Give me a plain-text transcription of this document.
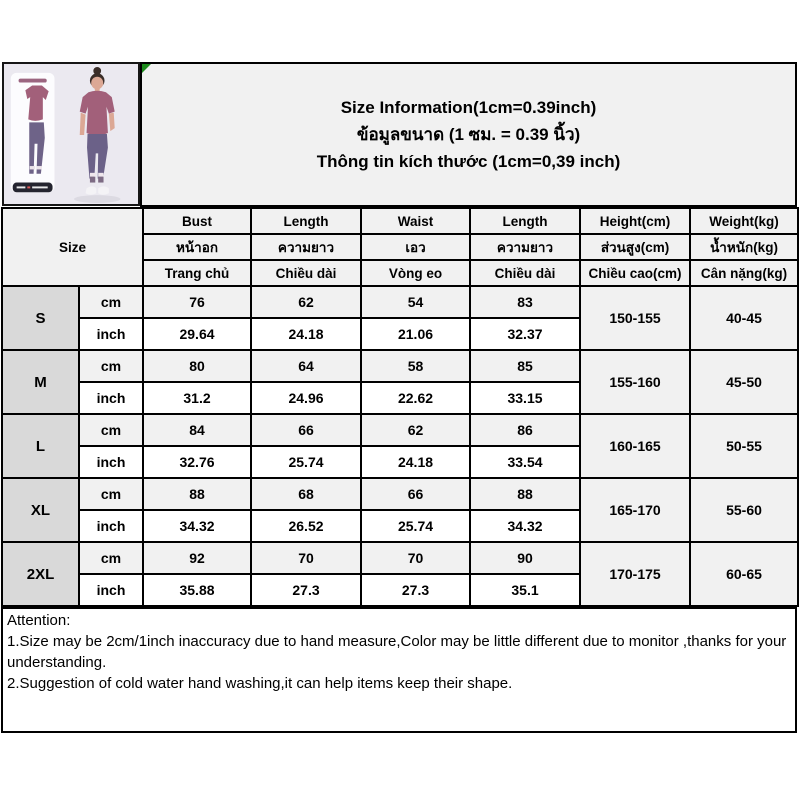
Size Information(1cm=0.39inch)
ข้อมูลขนาด (1 ซม. = 0.39 นิ้ว)
Thông tin kích thước (1cm=0,39 inch)
Size		Bust	Length	Waist	Length	Height(cm)	Weight(kg)
		หน้าอก	ความยาว	เอว	ความยาว	ส่วนสูง(cm)	น้ำหนัก(kg)
		Trang chủ	Chiều dài	Vòng eo	Chiều dài	Chiều cao(cm)	Cân nặng(kg)
S	cm	76	62	54	83	150-155	40-45
	inch	29.64	24.18	21.06	32.37		
M	cm	80	64	58	85	155-160	45-50
	inch	31.2	24.96	22.62	33.15		
L	cm	84	66	62	86	160-165	50-55
	inch	32.76	25.74	24.18	33.54		
XL	cm	88	68	66	88	165-170	55-60
	inch	34.32	26.52	25.74	34.32		
2XL	cm	92	70	70	90	170-175	60-65
	inch	35.88	27.3	27.3	35.1		
Attention:
1.Size may be 2cm/1inch inaccuracy due to hand measure,Color may be little different due to monitor ,thanks for your understanding.
2.Suggestion of cold water hand washing,it can help items keep their shape.
